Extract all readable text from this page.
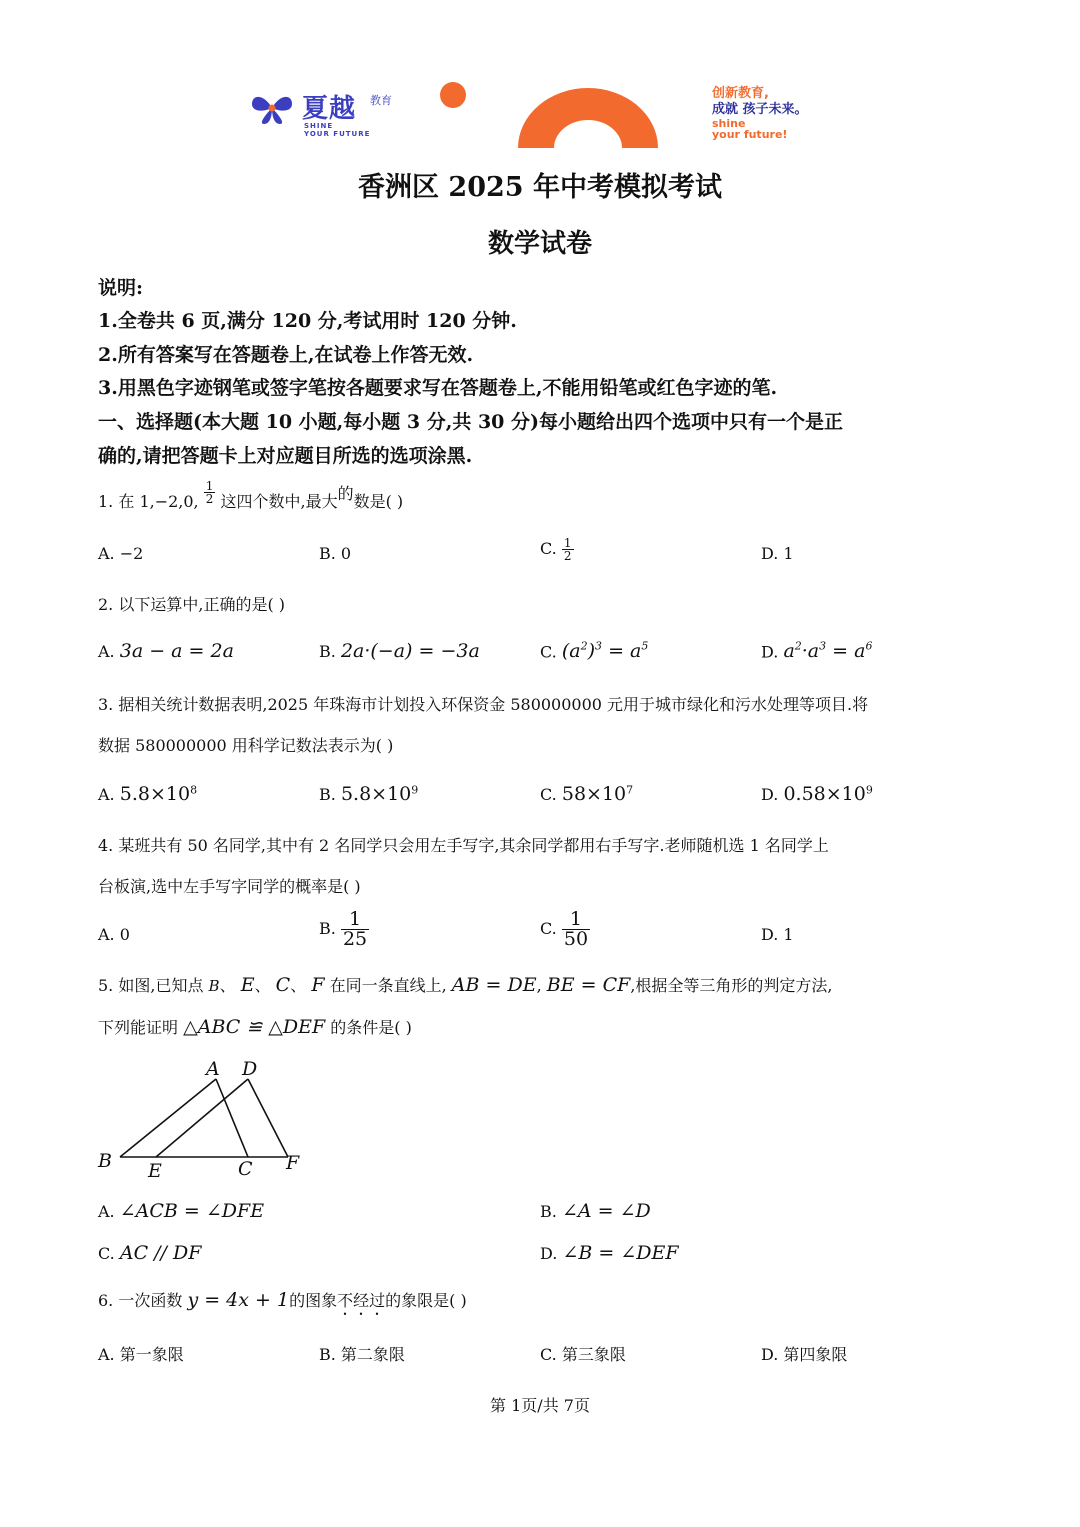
夏越 教育
SHINE
YOUR FUTURE
创新教育,
成就 孩子未来。
shine
your future!
香洲区 2025 年中考模拟考试
数学试卷
说明:
1.全卷共 6 页,满分 120 分,考试用时 120 分钟.
2.所有答案写在答题卷上,在试卷上作答无效.
3.用黑色字迹钢笔或签字笔按各题要求写在答题卷上,不能用铅笔或红色字迹的笔.
一、选择题(本大题 10 小题,每小题 3 分,共 30 分)每小题给出四个选项中只有一个是正
确的,请把答题卡上对应题目所选的选项涂黑.
1. 在 1,−2,0, $\frac{1}{2}$ 这四个数中,最大的数是( )
A. −2	B. 0	C. $\frac{1}{2}$	D. 1
2. 以下运算中,正确的是( )
A. 3a − a = 2a	B. 2a·(−a) = −3a	C. $(a^2)^3 = a^5$	D. $a^2\cdot a^3 = a^6$
3. 据相关统计数据表明,2025 年珠海市计划投入环保资金 580000000 元用于城市绿化和污水处理等项目.将
数据 580000000 用科学记数法表示为( )
A. $5.8\times 10^8$	B. $5.8\times 10^9$	C. $58\times 10^7$	D. $0.58\times 10^9$
4. 某班共有 50 名同学,其中有 2 名同学只会用左手写字,其余同学都用右手写字.老师随机选 1 名同学上
台板演,选中左手写字同学的概率是( )
A. 0	B. $\frac{1}{25}$	C. $\frac{1}{50}$	D. 1
5. 如图,已知点 B、 E、 C、 F 在同一条直线上, AB = DE, BE = CF,根据全等三角形的判定方法,
下列能证明 △ABC ≌ △DEF 的条件是( )
A D
B E	C F
A. ∠ACB = ∠DFE	B. ∠A = ∠D
C. AC // DF	D. ∠B = ∠DEF
6. 一次函数 y = 4x + 1的图象不经过的象限是( )
A. 第一象限	B. 第二象限	C. 第三象限	D. 第四象限
第 1页/共 7页
